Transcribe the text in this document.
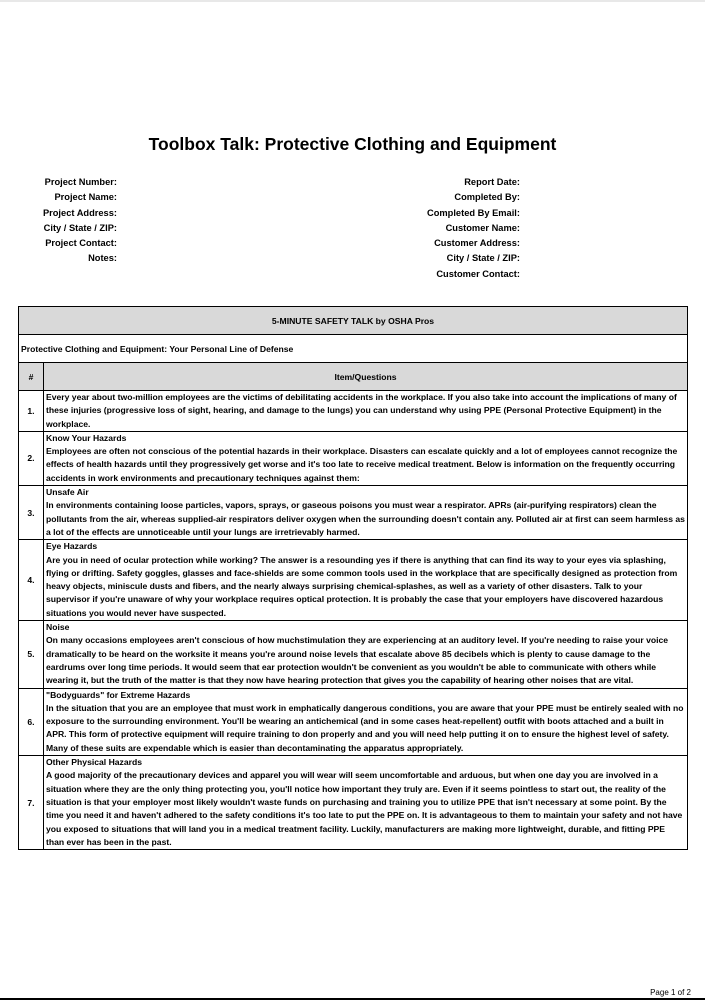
Toolbox Talk: Protective Clothing and Equipment
Project Number:
Project Name:
Project Address:
City / State / ZIP:
Project Contact:
Notes:
Report Date:
Completed By:
Completed By Email:
Customer Name:
Customer Address:
City / State / ZIP:
Customer Contact:
5-MINUTE SAFETY TALK by OSHA Pros	
Protective Clothing and Equipment: Your Personal Line of Defense	
#	Item/Questions
1.	Every year about two-million employees are the victims of debilitating accidents in the workplace. If you also take into account the implications of many of these injuries (progressive loss of sight, hearing, and damage to the lungs) you can understand why using PPE (Personal Protective Equipment) in the workplace.

2.	Know Your Hazards
Employees are often not conscious of the potential hazards in their workplace. Disasters can escalate quickly and a lot of employees cannot recognize the effects of health hazards until they progressively get worse and it's too late to receive medical treatment. Below is information on the frequently occurring accidents in work environments and precautionary techniques against them:

3.	Unsafe Air
In environments containing loose particles, vapors, sprays, or gaseous poisons you must wear a respirator. APRs (air-purifying respirators) clean the pollutants from the air, whereas supplied-air respirators deliver oxygen when the surrounding doesn't contain any. Polluted air at first can seem harmless as a lot of the effects are unnoticeable until your lungs are irretrievably harmed.

4.	Eye Hazards
Are you in need of ocular protection while working? The answer is a resounding yes if there is anything that can find its way to your eyes via splashing, flying or drifting. Safety goggles, glasses and face-shields are some common tools used in the workplace that are specifically designed as protection from heavy objects, miniscule dusts and fibers, and the nearly always surprising chemical-splashes, as well as a variety of other disasters. Talk to your supervisor if you're unaware of why your workplace requires optical protection. It is probably the case that your employers have discovered hazardous situations you would never have suspected.

5.	Noise
On many occasions employees aren't conscious of how muchstimulation they are experiencing at an auditory level. If you're needing to raise your voice dramatically to be heard on the worksite it means you're around noise levels that escalate above 85 decibels which is plenty to cause damage to the eardrums over long time periods. It would seem that ear protection wouldn't be convenient as you wouldn't be able to communicate with others while wearing it, but the truth of the matter is that they now have hearing protection that gives you the capability of hearing other noises that are vital.

6.	"Bodyguards" for Extreme Hazards
In the situation that you are an employee that must work in emphatically dangerous conditions, you are aware that your PPE must be entirely sealed with no exposure to the surrounding environment. You'll be wearing an antichemical (and in some cases heat-repellent) outfit with boots attached and a built in APR. This form of protective equipment will require training to don properly and and you will need help putting it on to ensure the highest level of safety. Many of these suits are expendable which is easier than decontaminating the apparatus appropriately.

7.	Other Physical Hazards
A good majority of the precautionary devices and apparel you will wear will seem uncomfortable and arduous, but when one day you are involved in a situation where they are the only thing protecting you, you'll notice how important they truly are. Even if it seems pointless to start out, the reality of the situation is that your employer most likely wouldn't waste funds on purchasing and training you to utilize PPE that isn't necessary at some point. By the time you need it and haven't adhered to the safety conditions it's too late to put the PPE on. It is advantageous to them to maintain your safety and not have you exposed to situations that will land you in a medical treatment facility. Luckily, manufacturers are making more lightweight, durable, and fitting PPE than ever has been in the past.
Page 1 of 2
